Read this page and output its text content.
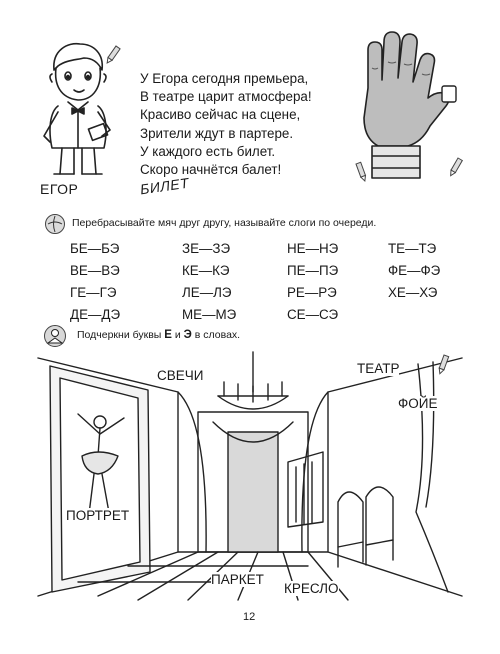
У Егора сегодня премьера,
В театре царит атмосфера!
Красиво сейчас на сцене,
Зрители ждут в партере.
У каждого есть билет.
Скоро начнётся балет!
ЕГОР	БИЛЕТ
Перебрасывайте мяч друг другу, называйте слоги по очереди.
БЕ—БЭ
ВЕ—ВЭ
ГЕ—ГЭ
ДЕ—ДЭ
ЗЕ—ЗЭ
КЕ—КЭ
ЛЕ—ЛЭ
МЕ—МЭ
НЕ—НЭ
ПЕ—ПЭ
РЕ—РЭ
СЕ—СЭ
ТЕ—ТЭ
ФЕ—ФЭ
ХЕ—ХЭ
Подчеркни буквы Е и Э в словах.
СВЕЧИ	ТЕАТР
ФОЙЕ
ПОРТРЕТ
ПАРКЕТ
КРЕСЛО
12
